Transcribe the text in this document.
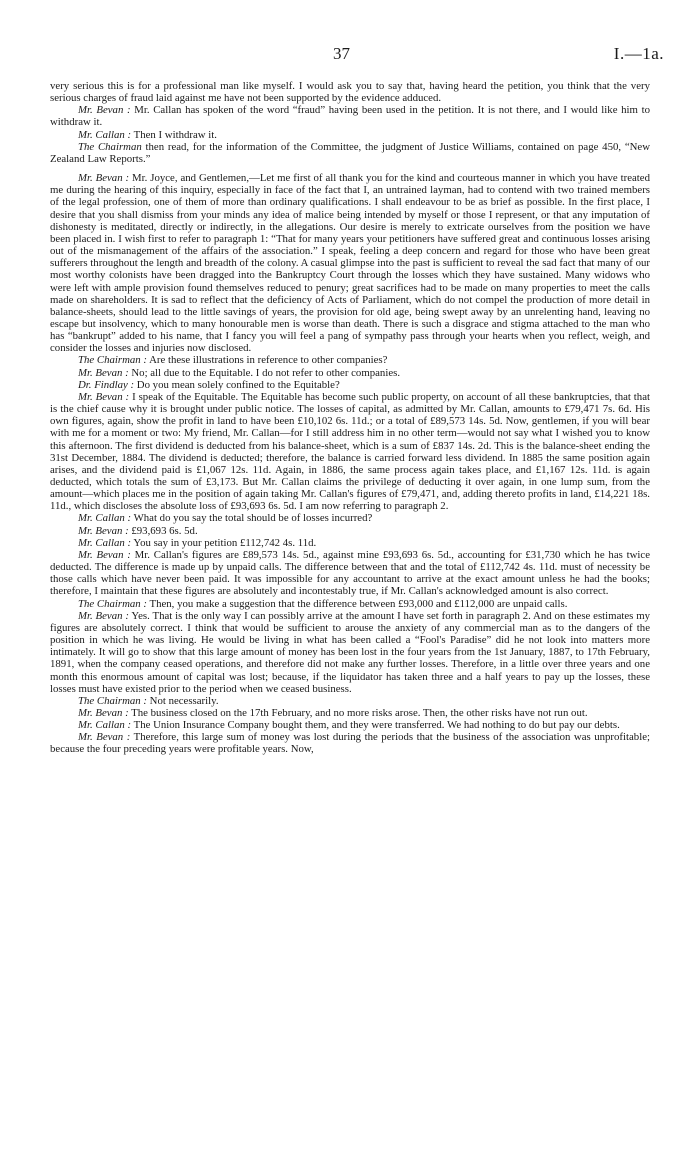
37	I.—1a.

very serious this is for a professional man like myself. I would ask you to say that, having heard the petition, you think that the very serious charges of fraud laid against me have not been supported by the evidence adduced.

Mr. Bevan : Mr. Callan has spoken of the word “fraud” having been used in the petition. It is not there, and I would like him to withdraw it.

Mr. Callan : Then I withdraw it.

The Chairman then read, for the information of the Committee, the judgment of Justice Williams, contained on page 450, “New Zealand Law Reports.”

Mr. Bevan : Mr. Joyce, and Gentlemen,—Let me first of all thank you for the kind and courteous manner in which you have treated me during the hearing of this inquiry, especially in face of the fact that I, an untrained layman, had to contend with two trained members of the legal profession, one of them of more than ordinary qualifications. I shall endeavour to be as brief as possible. In the first place, I desire that you shall dismiss from your minds any idea of malice being intended by myself or those I represent, or that any imputation of dishonesty is meditated, directly or indirectly, in the allegations. Our desire is merely to extricate ourselves from the position we have been placed in. I wish first to refer to paragraph 1: “That for many years your petitioners have suffered great and continuous losses arising out of the mismanagement of the affairs of the association.” I speak, feeling a deep concern and regard for those who have been great sufferers throughout the length and breadth of the colony. A casual glimpse into the past is sufficient to reveal the sad fact that many of our most worthy colonists have been dragged into the Bankruptcy Court through the losses which they have sustained. Many widows who were left with ample provision found themselves reduced to penury; great sacrifices had to be made on many properties to meet the calls made on shareholders. It is sad to reflect that the deficiency of Acts of Parliament, which do not compel the production of more detail in balance-sheets, should lead to the little savings of years, the provision for old age, being swept away by an unrelenting hand, leaving no escape but insolvency, which to many honourable men is worse than death. There is such a disgrace and stigma attached to the man who has “bankrupt” added to his name, that I fancy you will feel a pang of sympathy pass through your hearts when you reflect, weigh, and consider the losses and injuries now disclosed.

The Chairman : Are these illustrations in reference to other companies?

Mr. Bevan : No; all due to the Equitable. I do not refer to other companies.

Dr. Findlay : Do you mean solely confined to the Equitable?

Mr. Bevan : I speak of the Equitable. The Equitable has become such public property, on account of all these bankruptcies, that that is the chief cause why it is brought under public notice. The losses of capital, as admitted by Mr. Callan, amounts to £79,471 7s. 6d. His own figures, again, show the profit in land to have been £10,102 6s. 11d.; or a total of £89,573 14s. 5d. Now, gentlemen, if you will bear with me for a moment or two: My friend, Mr. Callan—for I still address him in no other term—would not say what I wished you to know this afternoon. The first dividend is deducted from his balance-sheet, which is a sum of £837 14s. 2d. This is the balance-sheet ending the 31st December, 1884. The dividend is deducted; therefore, the balance is carried forward less dividend. In 1885 the same position again arises, and the dividend paid is £1,067 12s. 11d. Again, in 1886, the same process again takes place, and £1,167 12s. 11d. is again deducted, which totals the sum of £3,173. But Mr. Callan claims the privilege of deducting it over again, in one lump sum, from the amount—which places me in the position of again taking Mr. Callan's figures of £79,471, and, adding thereto profits in land, £14,221 18s. 11d., which discloses the absolute loss of £93,693 6s. 5d. I am now referring to paragraph 2.

Mr. Callan : What do you say the total should be of losses incurred?

Mr. Bevan : £93,693 6s. 5d.

Mr. Callan : You say in your petition £112,742 4s. 11d.

Mr. Bevan : Mr. Callan's figures are £89,573 14s. 5d., against mine £93,693 6s. 5d., accounting for £31,730 which he has twice deducted. The difference is made up by unpaid calls. The difference between that and the total of £112,742 4s. 11d. must of necessity be those calls which have never been paid. It was impossible for any accountant to arrive at the exact amount unless he had the books; therefore, I maintain that these figures are absolutely and incontestably true, if Mr. Callan's acknowledged amount is also correct.

The Chairman : Then, you make a suggestion that the difference between £93,000 and £112,000 are unpaid calls.

Mr. Bevan : Yes. That is the only way I can possibly arrive at the amount I have set forth in paragraph 2. And on these estimates my figures are absolutely correct. I think that would be sufficient to arouse the anxiety of any commercial man as to the dangers of the position in which he was living. He would be living in what has been called a “Fool's Paradise” did he not look into matters more intimately. It will go to show that this large amount of money has been lost in the four years from the 1st January, 1887, to 17th February, 1891, when the company ceased operations, and therefore did not make any further losses. Therefore, in a little over three years and one month this enormous amount of capital was lost; because, if the liquidator has taken three and a half years to pay up the losses, these losses must have existed prior to the period when we ceased business.

The Chairman : Not necessarily.

Mr. Bevan : The business closed on the 17th February, and no more risks arose. Then, the other risks have not run out.

Mr. Callan : The Union Insurance Company bought them, and they were transferred. We had nothing to do but pay our debts.

Mr. Bevan : Therefore, this large sum of money was lost during the periods that the business of the association was unprofitable; because the four preceding years were profitable years. Now,
